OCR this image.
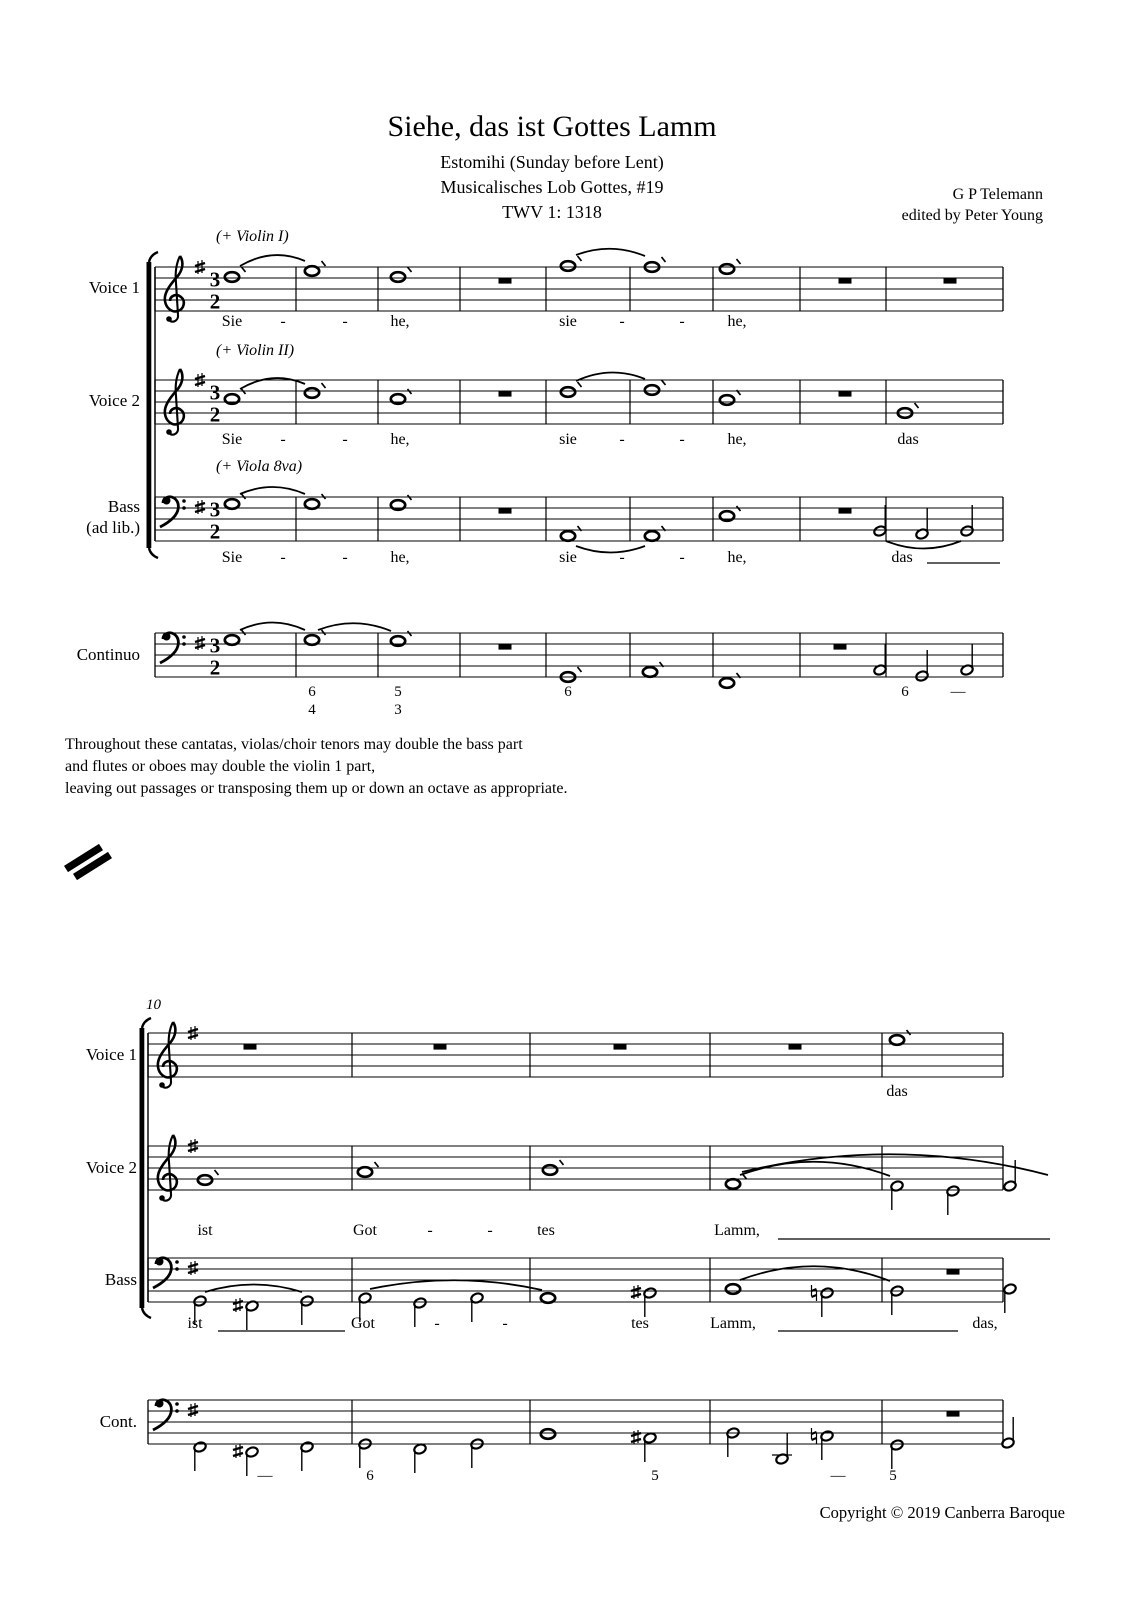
3
2
3
2
3
2
3
2
Siehe, das ist Gottes Lamm
Estomihi (Sunday before Lent)
Musicalisches Lob Gottes, #19
TWV 1: 1318
G P Telemann
edited by Peter Young
Voice 1
Voice 2
Bass
(ad lib.)
Continuo
(+ Violin I)
(+ Violin II)
(+ Viola 8va)
Sie -	-	he,	sie	-	-	he,
Sie -	-	he,	sie	-	-	he,	das
Sie -	-	he,	sie	-	-	he,	das
6
4
5
3
6	6	—
Throughout these cantatas, violas/choir tenors may double the bass part
and flutes or oboes may double the violin 1 part,
leaving out passages or transposing them up or down an octave as appropriate.
10
Voice 1
Voice 2
Bass
Cont.
das
ist	Got	-	-	tes	Lamm,
ist	Got	-	-	tes	Lamm,	das,
—	6	5	—	5
Copyright © 2019 Canberra Baroque
